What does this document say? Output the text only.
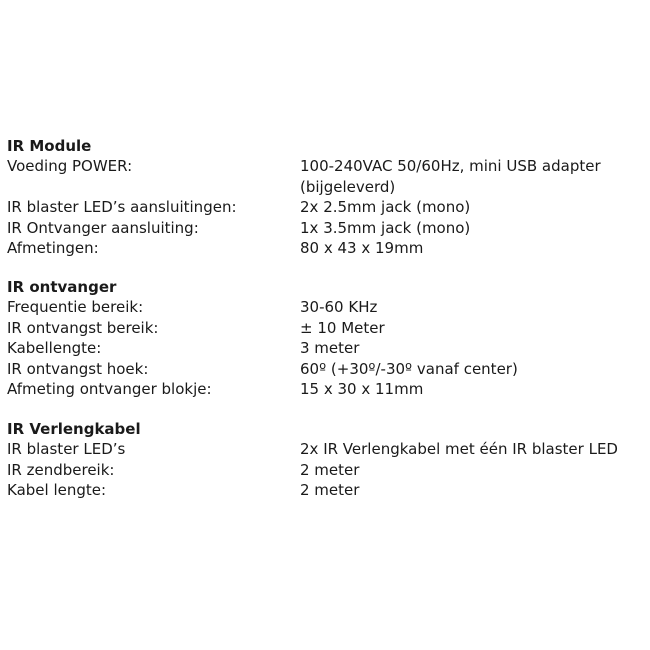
IR Module
Voeding POWER:	100-240VAC 50/60Hz, mini USB adapter (bijgeleverd)
IR blaster LED’s aansluitingen:	2x 2.5mm jack (mono)
IR Ontvanger aansluiting:	1x 3.5mm jack (mono)
Afmetingen:	80 x 43 x 19mm
IR ontvanger
Frequentie bereik:	30-60 KHz
IR ontvangst bereik:	± 10 Meter
Kabellengte:	3 meter
IR ontvangst hoek:	60º (+30º/-30º vanaf center)
Afmeting ontvanger blokje:	15 x 30 x 11mm
IR Verlengkabel
IR blaster LED’s	2x IR Verlengkabel met één IR blaster LED
IR zendbereik:	2 meter
Kabel lengte:	2 meter
